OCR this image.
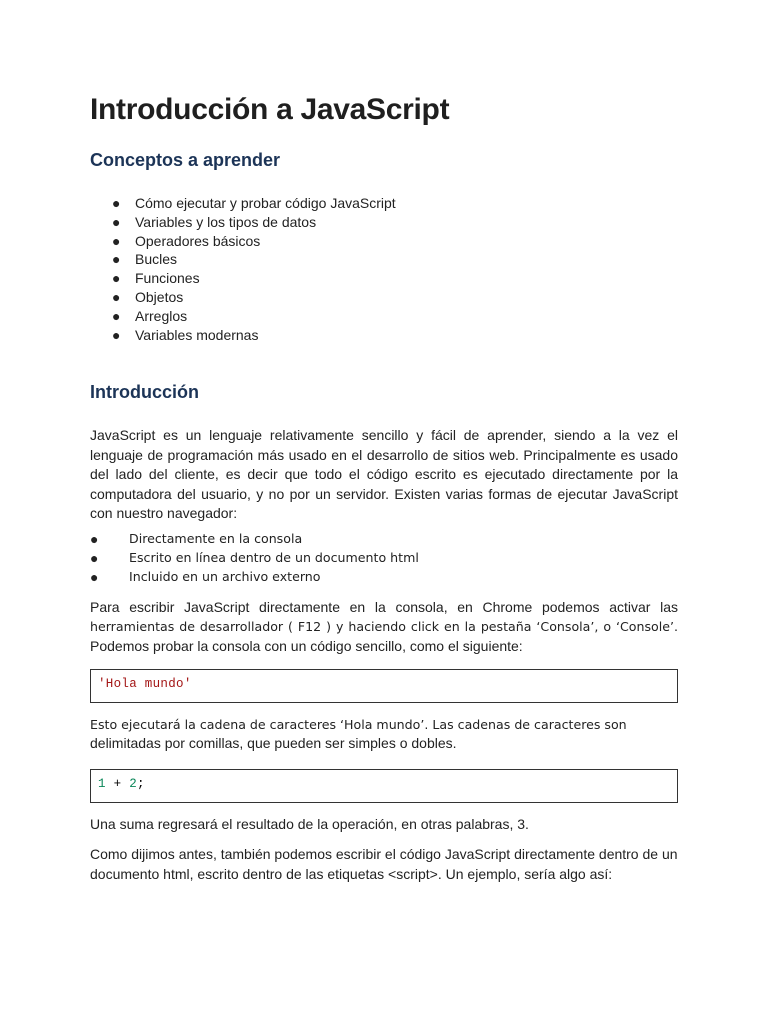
Introducción a JavaScript
Conceptos a aprender
● Cómo ejecutar y probar código JavaScript
● Variables y los tipos de datos
● Operadores básicos
● Bucles
● Funciones
● Objetos
● Arreglos
● Variables modernas
Introducción

JavaScript es un lenguaje relativamente sencillo y fácil de aprender, siendo a la vez el lenguaje de programación más usado en el desarrollo de sitios web. Principalmente es usado del lado del cliente, es decir que todo el código escrito es ejecutado directamente por la computadora del usuario, y no por un servidor. Existen varias formas de ejecutar JavaScript con nuestro navegador:

● Directamente en la consola
● Escrito en línea dentro de un documento html
● Incluido en un archivo externo

Para escribir JavaScript directamente en la consola, en Chrome podemos activar las herramientas de desarrollador ( F12 ) y haciendo click en la pestaña ‘Consola’, o ‘Console’. Podemos probar la consola con un código sencillo, como el siguiente:

'Hola mundo'

Esto ejecutará la cadena de caracteres ‘Hola mundo’. Las cadenas de caracteres son delimitadas por comillas, que pueden ser simples o dobles.

1 + 2;

Una suma regresará el resultado de la operación, en otras palabras, 3.

Como dijimos antes, también podemos escribir el código JavaScript directamente dentro de un documento html, escrito dentro de las etiquetas <script>. Un ejemplo, sería algo así:
